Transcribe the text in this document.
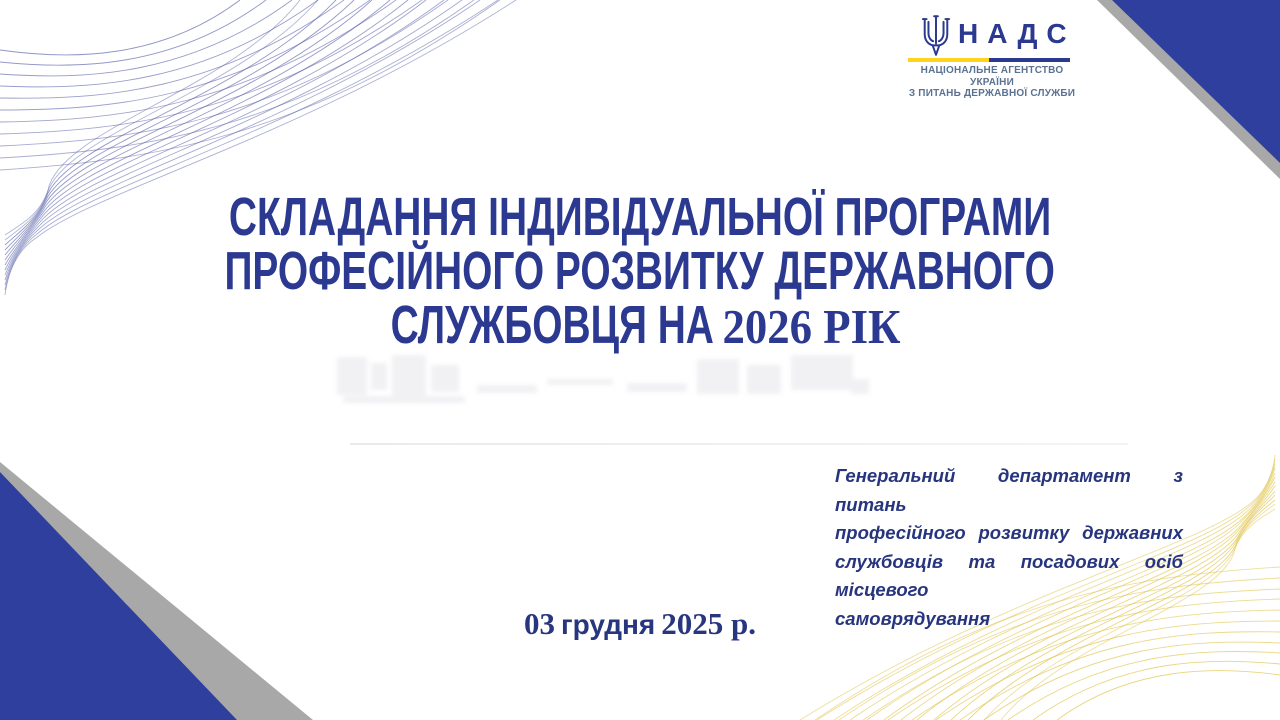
НАДС
НАЦІОНАЛЬНЕ АГЕНТСТВО УКРАЇНИ
З ПИТАНЬ ДЕРЖАВНОЇ СЛУЖБИ
СКЛАДАННЯ ІНДИВІДУАЛЬНОЇ ПРОГРАМИ
ПРОФЕСІЙНОГО РОЗВИТКУ ДЕРЖАВНОГО
СЛУЖБОВЦЯ НА 2026 РІК
Генеральний департамент з питань
професійного розвитку державних
службовців та посадових осіб місцевого
самоврядування
03 грудня 2025 р.
